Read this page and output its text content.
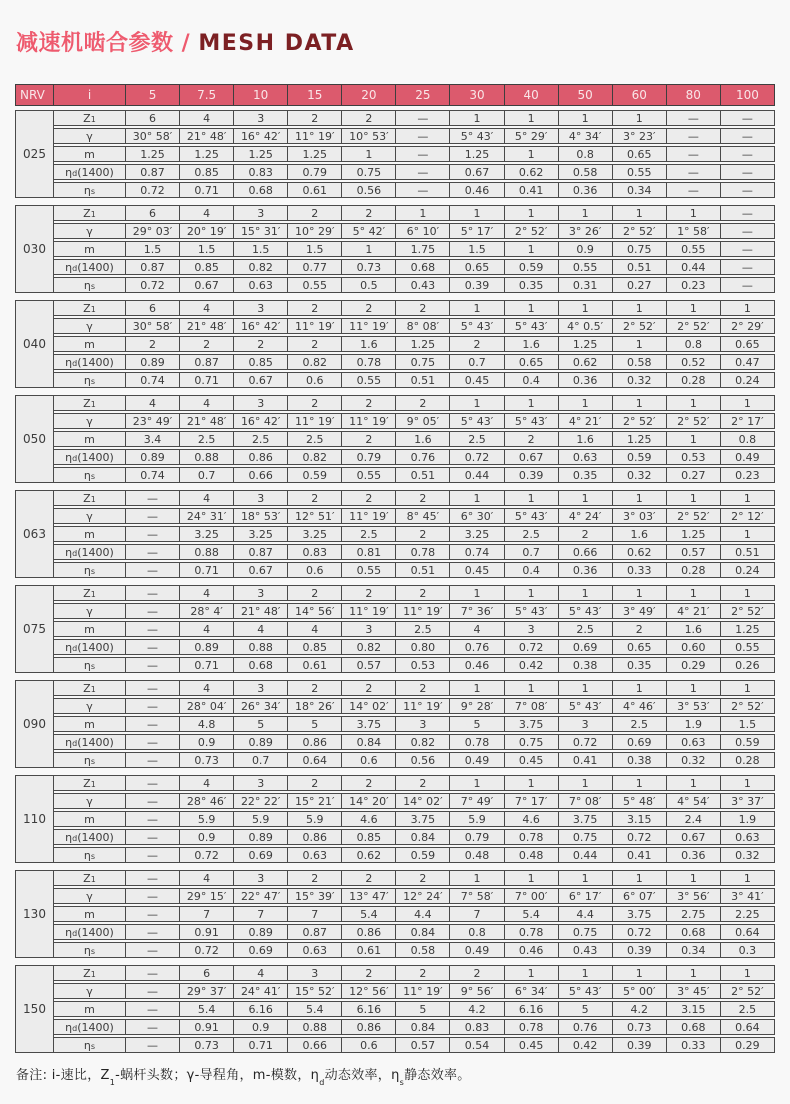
减速机啮合参数 / MESH DATA
NRV	i	5	7.5	10	15	20	25	30	40	50	60	80	100
025
$Z_1$	6	4	3	2	2	—	1	1	1	1	—	—
γ	30° 58′	21° 48′	16° 42′	11° 19′	10° 53′	—	5° 43′	5° 29′	4° 34′	3° 23′	—	—
m	1.25	1.25	1.25	1.25	1	—	1.25	1	0.8	0.65	—	—
$\eta_d$ (1400)	0.87	0.85	0.83	0.79	0.75	—	0.67	0.62	0.58	0.55	—	—
$\eta_s$	0.72	0.71	0.68	0.61	0.56	—	0.46	0.41	0.36	0.34	—	—
030
$Z_1$	6	4	3	2	2	1	1	1	1	1	1	—
γ	29° 03′	20° 19′	15° 31′	10° 29′	5° 42′	6° 10′	5° 17′	2° 52′	3° 26′	2° 52′	1° 58′	—
m	1.5	1.5	1.5	1.5	1	1.75	1.5	1	0.9	0.75	0.55	—
$\eta_d$ (1400)	0.87	0.85	0.82	0.77	0.73	0.68	0.65	0.59	0.55	0.51	0.44	—
$\eta_s$	0.72	0.67	0.63	0.55	0.5	0.43	0.39	0.35	0.31	0.27	0.23	—
040
$Z_1$	6	4	3	2	2	2	1	1	1	1	1	1
γ	30° 58′	21° 48′	16° 42′	11° 19′	11° 19′	8° 08′	5° 43′	5° 43′	4° 0.5′	2° 52′	2° 52′	2° 29′
m	2	2	2	2	1.6	1.25	2	1.6	1.25	1	0.8	0.65
$\eta_d$ (1400)	0.89	0.87	0.85	0.82	0.78	0.75	0.7	0.65	0.62	0.58	0.52	0.47
$\eta_s$	0.74	0.71	0.67	0.6	0.55	0.51	0.45	0.4	0.36	0.32	0.28	0.24
050
$Z_1$	4	4	3	2	2	2	1	1	1	1	1	1
γ	23° 49′	21° 48′	16° 42′	11° 19′	11° 19′	9° 05′	5° 43′	5° 43′	4° 21′	2° 52′	2° 52′	2° 17′
m	3.4	2.5	2.5	2.5	2	1.6	2.5	2	1.6	1.25	1	0.8
$\eta_d$ (1400)	0.89	0.88	0.86	0.82	0.79	0.76	0.72	0.67	0.63	0.59	0.53	0.49
$\eta_s$	0.74	0.7	0.66	0.59	0.55	0.51	0.44	0.39	0.35	0.32	0.27	0.23
063
$Z_1$	—	4	3	2	2	2	1	1	1	1	1	1
γ	—	24° 31′	18° 53′	12° 51′	11° 19′	8° 45′	6° 30′	5° 43′	4° 24′	3° 03′	2° 52′	2° 12′
m	—	3.25	3.25	3.25	2.5	2	3.25	2.5	2	1.6	1.25	1
$\eta_d$ (1400)	—	0.88	0.87	0.83	0.81	0.78	0.74	0.7	0.66	0.62	0.57	0.51
$\eta_s$	—	0.71	0.67	0.6	0.55	0.51	0.45	0.4	0.36	0.33	0.28	0.24
075
$Z_1$	—	4	3	2	2	2	1	1	1	1	1	1
γ	—	28° 4′	21° 48′	14° 56′	11° 19′	11° 19′	7° 36′	5° 43′	5° 43′	3° 49′	4° 21′	2° 52′
m	—	4	4	4	3	2.5	4	3	2.5	2	1.6	1.25
$\eta_d$ (1400)	—	0.89	0.88	0.85	0.82	0.80	0.76	0.72	0.69	0.65	0.60	0.55
$\eta_s$	—	0.71	0.68	0.61	0.57	0.53	0.46	0.42	0.38	0.35	0.29	0.26
090
$Z_1$	—	4	3	2	2	2	1	1	1	1	1	1
γ	—	28° 04′	26° 34′	18° 26′	14° 02′	11° 19′	9° 28′	7° 08′	5° 43′	4° 46′	3° 53′	2° 52′
m	—	4.8	5	5	3.75	3	5	3.75	3	2.5	1.9	1.5
$\eta_d$ (1400)	—	0.9	0.89	0.86	0.84	0.82	0.78	0.75	0.72	0.69	0.63	0.59
$\eta_s$	—	0.73	0.7	0.64	0.6	0.56	0.49	0.45	0.41	0.38	0.32	0.28
110
$Z_1$	—	4	3	2	2	2	1	1	1	1	1	1
γ	—	28° 46′	22° 22′	15° 21′	14° 20′	14° 02′	7° 49′	7° 17′	7° 08′	5° 48′	4° 54′	3° 37′
m	—	5.9	5.9	5.9	4.6	3.75	5.9	4.6	3.75	3.15	2.4	1.9
$\eta_d$ (1400)	—	0.9	0.89	0.86	0.85	0.84	0.79	0.78	0.75	0.72	0.67	0.63
$\eta_s$	—	0.72	0.69	0.63	0.62	0.59	0.48	0.48	0.44	0.41	0.36	0.32
130
$Z_1$	—	4	3	2	2	2	1	1	1	1	1	1
γ	—	29° 15′	22° 47′	15° 39′	13° 47′	12° 24′	7° 58′	7° 00′	6° 17′	6° 07′	3° 56′	3° 41′
m	—	7	7	7	5.4	4.4	7	5.4	4.4	3.75	2.75	2.25
$\eta_d$ (1400)	—	0.91	0.89	0.87	0.86	0.84	0.8	0.78	0.75	0.72	0.68	0.64
$\eta_s$	—	0.72	0.69	0.63	0.61	0.58	0.49	0.46	0.43	0.39	0.34	0.3
150
$Z_1$	—	6	4	3	2	2	2	1	1	1	1	1
γ	—	29° 37′	24° 41′	15° 52′	12° 56′	11° 19′	9° 56′	6° 34′	5° 43′	5° 00′	3° 45′	2° 52′
m	—	5.4	6.16	5.4	6.16	5	4.2	6.16	5	4.2	3.15	2.5
$\eta_d$ (1400)	—	0.91	0.9	0.88	0.86	0.84	0.83	0.78	0.76	0.73	0.68	0.64
$\eta_s$	—	0.73	0.71	0.66	0.6	0.57	0.54	0.45	0.42	0.39	0.33	0.29
备注: i-速比，$Z_1-$蜗杆头数；γ-导程角，m-模数，$\eta_d$动态效率，$\eta_s$静态效率。
